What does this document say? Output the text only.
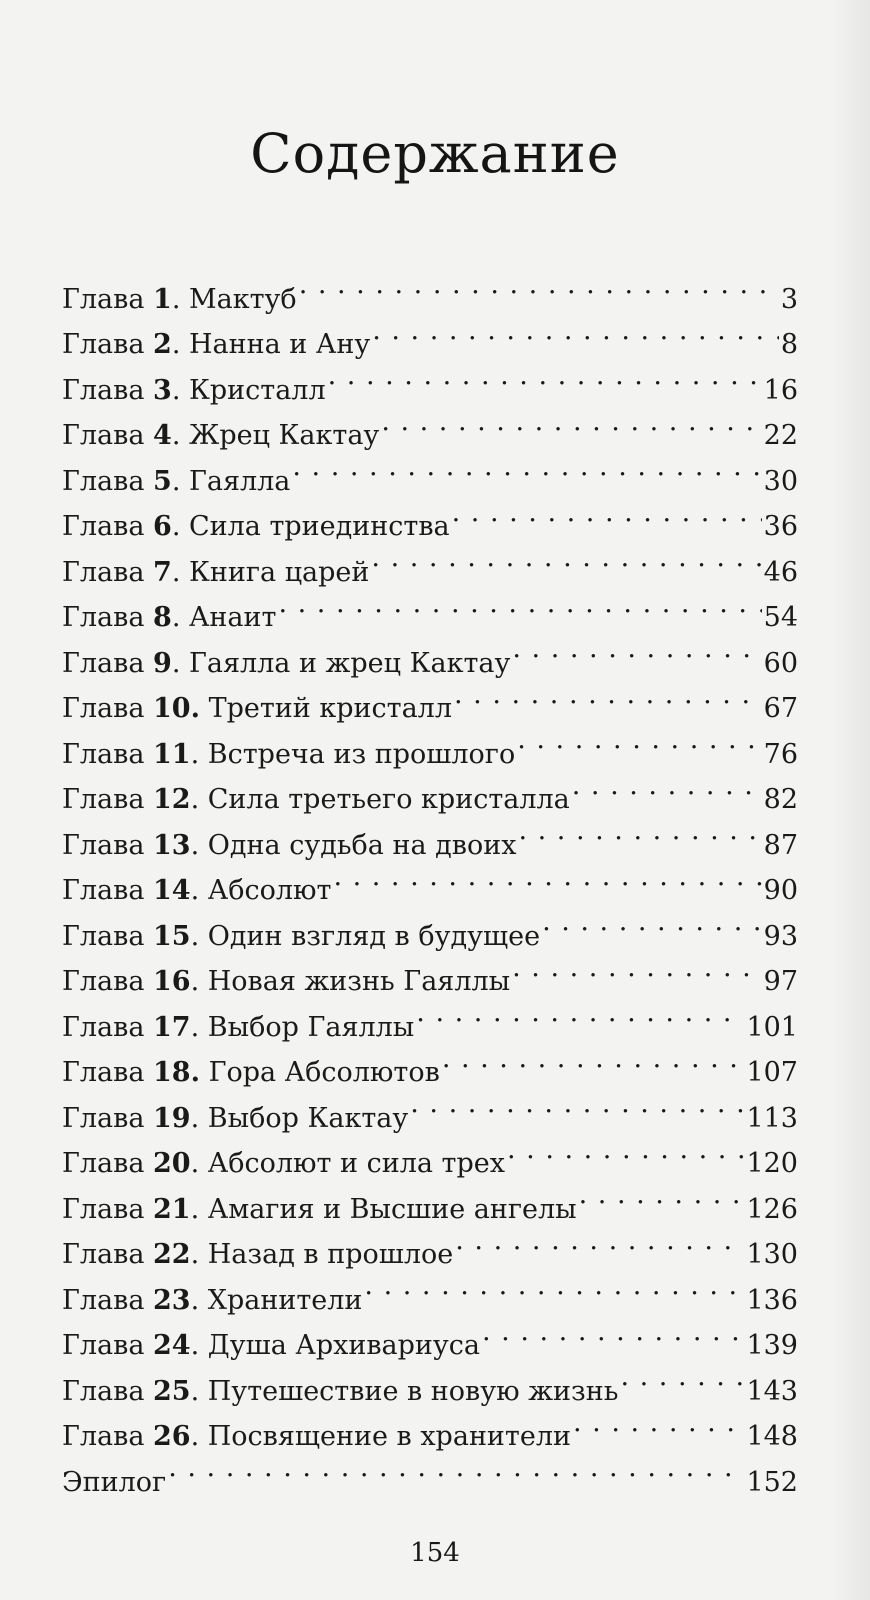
Содержание
Глава 1. Мактуб . . .	3
Глава 2. Нанна и Ану . . .	8
Глава 3. Кристалл . . .	16
Глава 4. Жрец Кактау . . .	22
Глава 5. Гаялла . . .	30
Глава 6. Сила триединства . . .	36
Глава 7. Книга царей . . .	46
Глава 8. Анаит . . .	54
Глава 9. Гаялла и жрец Кактау . . .	60
Глава 10. Третий кристалл . . .	67
Глава 11. Встреча из прошлого . . .	76
Глава 12. Сила третьего кристалла . . .	82
Глава 13. Одна судьба на двоих . . .	87
Глава 14. Абсолют . . .	90
Глава 15. Один взгляд в будущее . . .	93
Глава 16. Новая жизнь Гаяллы . . .	97
Глава 17. Выбор Гаяллы . . .	101
Глава 18. Гора Абсолютов . . .	107
Глава 19. Выбор Кактау . . .	113
Глава 20. Абсолют и сила трех . . .	120
Глава 21. Амагия и Высшие ангелы . . .	126
Глава 22. Назад в прошлое . . .	130
Глава 23. Хранители . . .	136
Глава 24. Душа Архивариуса . . .	139
Глава 25. Путешествие в новую жизнь . . .	143
Глава 26. Посвящение в хранители . . .	148
Эпилог . . .	152
154
